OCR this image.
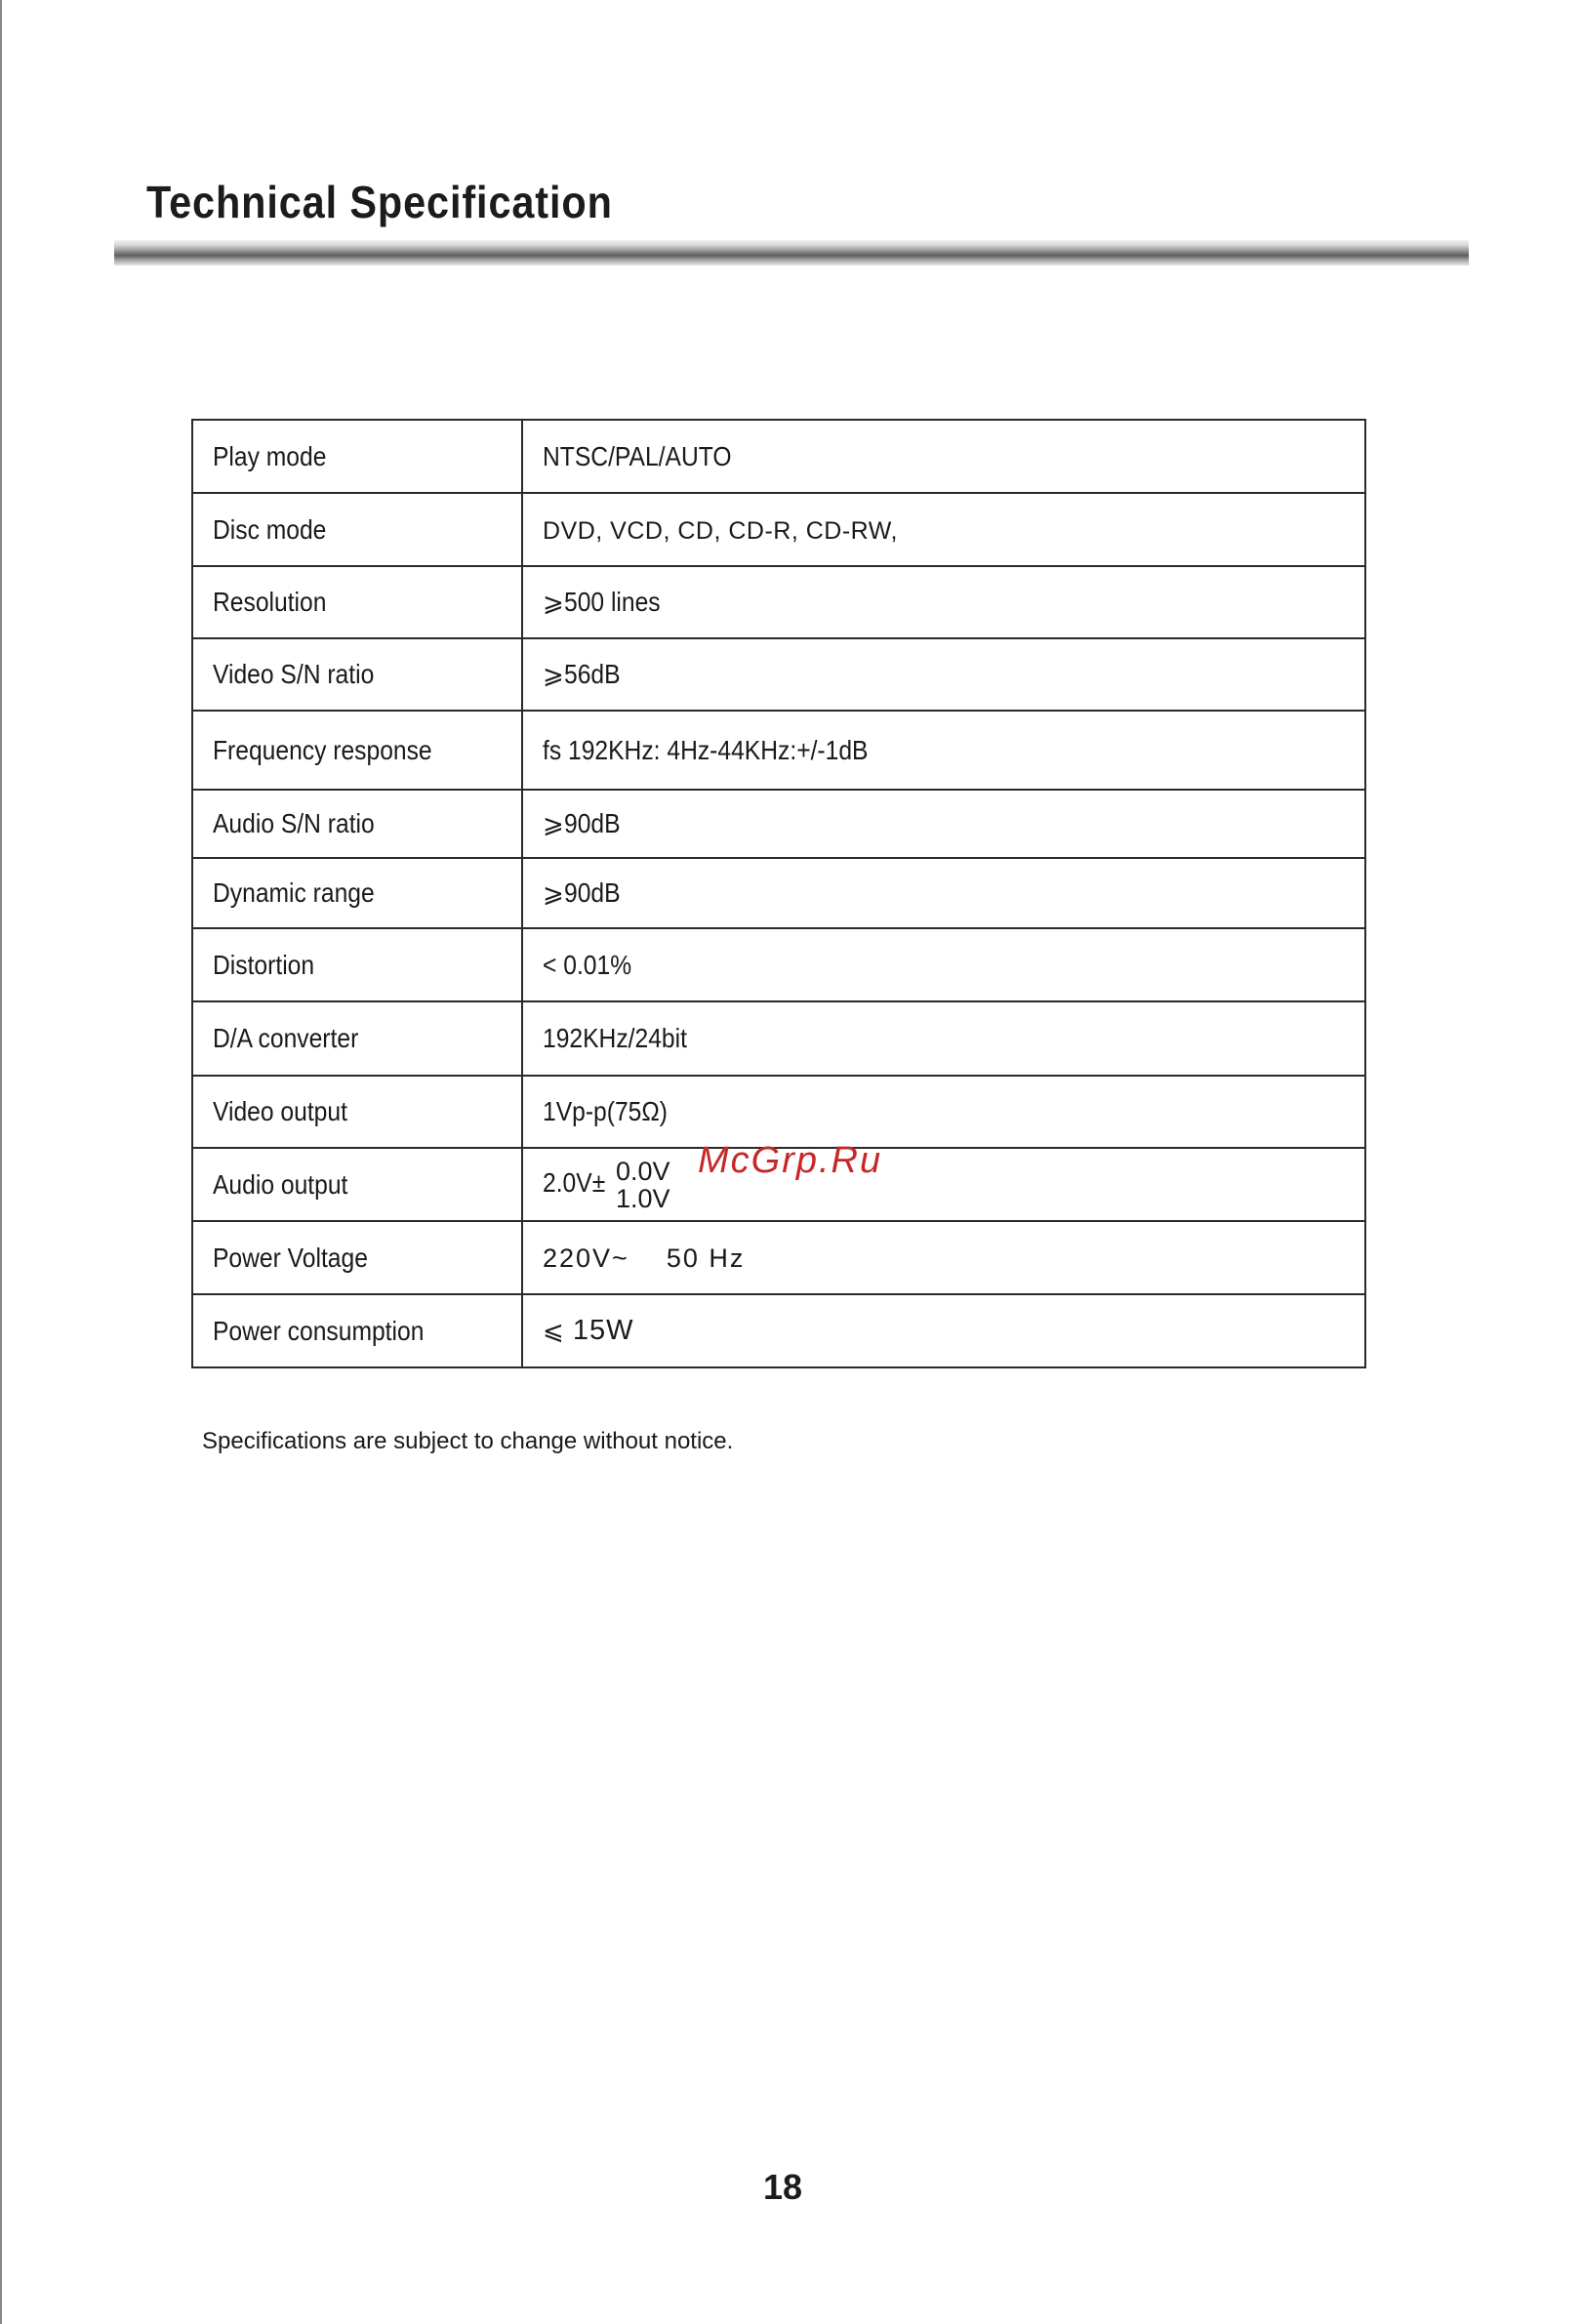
Technical Specification
Play mode	NTSC/PAL/AUTO
Disc mode	DVD, VCD, CD, CD-R, CD-RW,
Resolution	⩾500 lines
Video S/N ratio	⩾56dB
Frequency response	fs 192KHz: 4Hz-44KHz:+/-1dB
Audio S/N ratio	⩾90dB
Dynamic range	⩾90dB
Distortion	< 0.01%
D/A converter	192KHz/24bit
Video output	1Vp-p(75Ω)
Audio output	2.0V± 0.0V
1.0V

Power Voltage	220V~    50 Hz
Power consumption	⩽ 15W
McGrp.Ru
Specifications are subject to change without notice.
18
